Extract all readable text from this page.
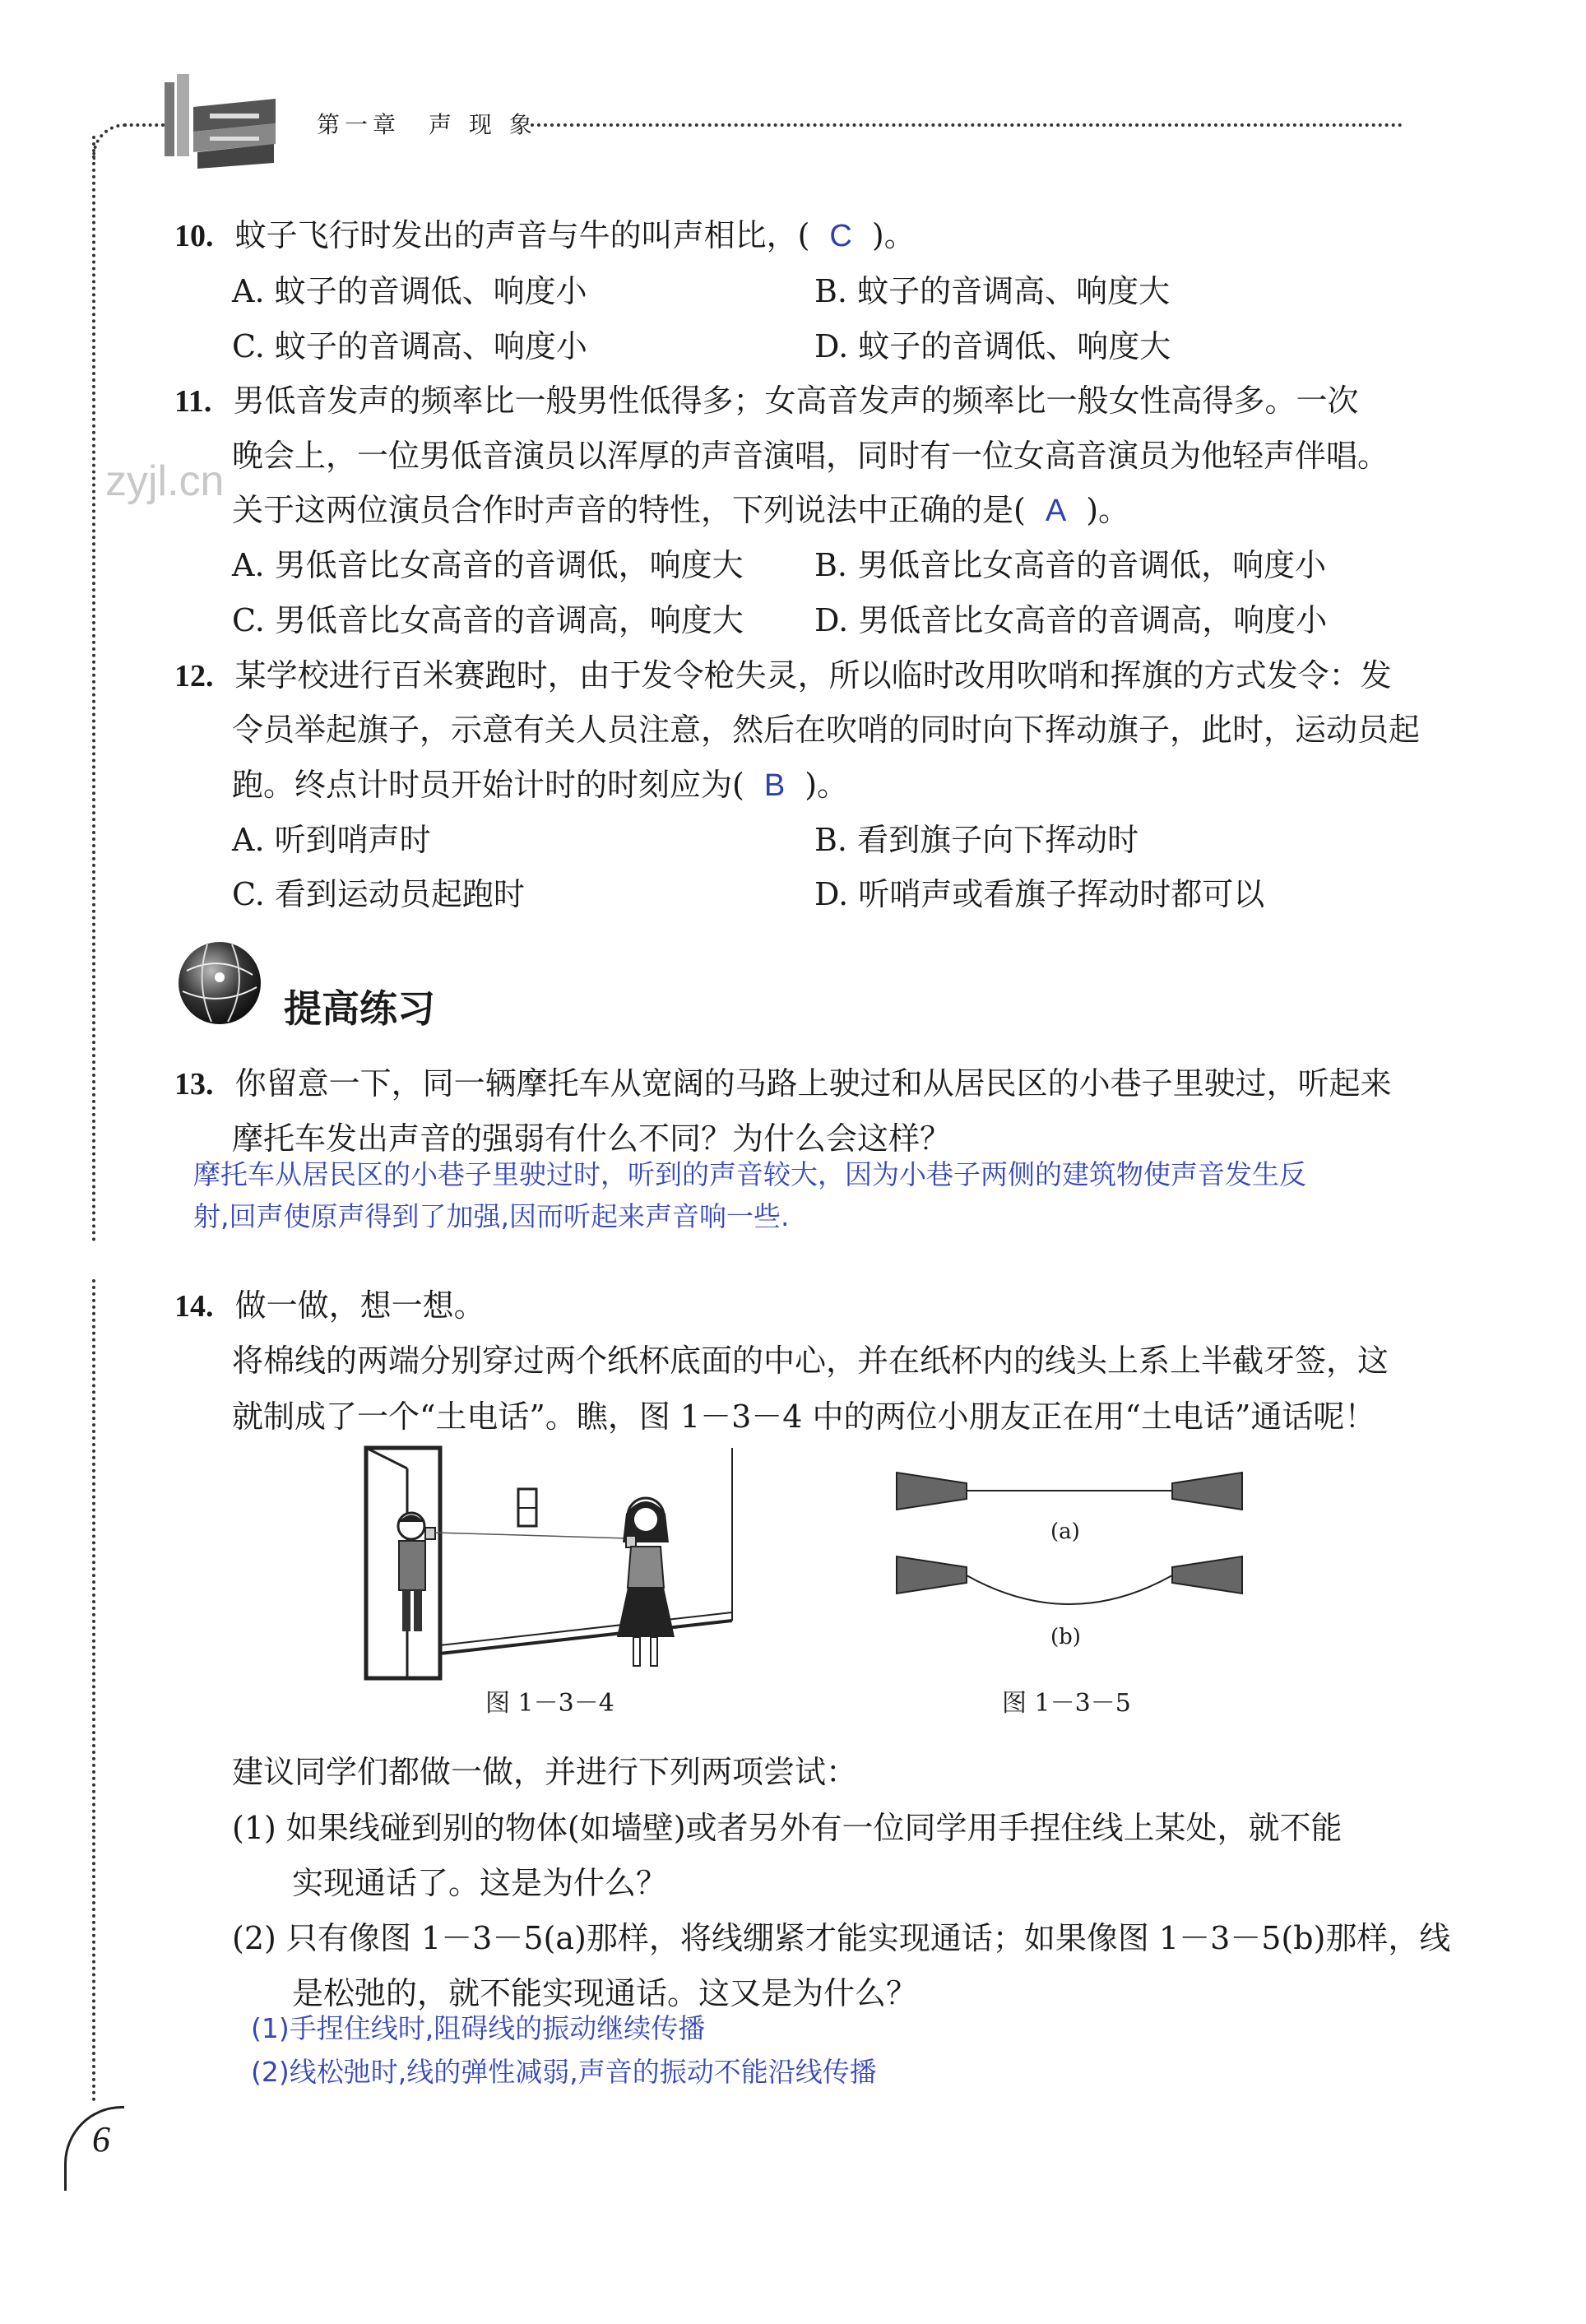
第一章　声 现 象
10. 蚊子飞行时发出的声音与牛的叫声相比，( C )。
A. 蚊子的音调低、响度小	B. 蚊子的音调高、响度大
C. 蚊子的音调高、响度小	D. 蚊子的音调低、响度大
11. 男低音发声的频率比一般男性低得多；女高音发声的频率比一般女性高得多。一次
晚会上，一位男低音演员以浑厚的声音演唱，同时有一位女高音演员为他轻声伴唱。
关于这两位演员合作时声音的特性，下列说法中正确的是( A )。
zyjl.cn
A. 男低音比女高音的音调低，响度大 B. 男低音比女高音的音调低，响度小
C. 男低音比女高音的音调高，响度大 D. 男低音比女高音的音调高，响度小
12. 某学校进行百米赛跑时，由于发令枪失灵，所以临时改用吹哨和挥旗的方式发令：发
令员举起旗子，示意有关人员注意，然后在吹哨的同时向下挥动旗子，此时，运动员起
跑。终点计时员开始计时的时刻应为( B )。
A. 听到哨声时	B. 看到旗子向下挥动时
C. 看到运动员起跑时	D. 听哨声或看旗子挥动时都可以
提高练习
13. 你留意一下，同一辆摩托车从宽阔的马路上驶过和从居民区的小巷子里驶过，听起来
摩托车发出声音的强弱有什么不同？为什么会这样？
摩托车从居民区的小巷子里驶过时，听到的声音较大，因为小巷子两侧的建筑物使声音发生反
射,回声使原声得到了加强,因而听起来声音响一些.
14. 做一做，想一想。
将棉线的两端分别穿过两个纸杯底面的中心，并在纸杯内的线头上系上半截牙签，这
就制成了一个“土电话”。瞧，图 1－3－4 中的两位小朋友正在用“土电话”通话呢！
图 1－3－4
(a)
(b)
图 1－3－5
建议同学们都做一做，并进行下列两项尝试：
(1) 如果线碰到别的物体(如墙壁)或者另外有一位同学用手捏住线上某处，就不能
实现通话了。这是为什么？
(2) 只有像图 1－3－5(a)那样，将线绷紧才能实现通话；如果像图 1－3－5(b)那样，线
是松弛的，就不能实现通话。这又是为什么？
(1)手捏住线时,阻碍线的振动继续传播
(2)线松弛时,线的弹性减弱,声音的振动不能沿线传播
6
